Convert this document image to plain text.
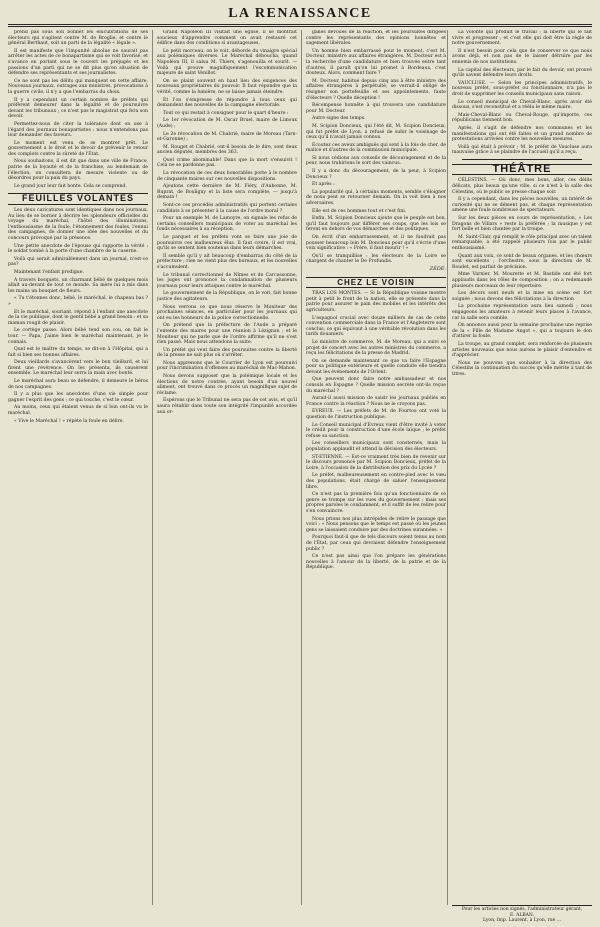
LA RENAISSANCE

prend pas sous son bonnet les élucubrations de ses électeurs qui s'agitent contre M. de Broglie, et contre le général Berthaut, soit un parti de la légalité « légale ».

Il est manifeste que l'impunité absolue ne saurait pas arrêter les actes de ce bonapartisme qui se voit favorisé, et s'avance en portant sous le couvert les préjugés et les passions d'un parti qui ne se dit plus qu'en situation de défendre ses représentants et ses journalistes.

Ce ne sont pas les délits qui manquent en cette affaire. Nouveaux journaux, outrages aux ministres, provocations à la guerre civile, il n'y a que l'embarras du choix.

Il y a cependant un certain nombre de préfets qui préfèrent demeurer dans la légalité et de poursuivre devant les tribunaux ; ce n'est pas le magistrat qui fera son devoir.

Permettez-nous de citer la tolérance dont on use à l'égard des journaux bonapartistes : nous n'entendons pas leur demander des faveurs.

Le moment est venu de se montrer prêt. Le gouvernement a le droit et le devoir de prévenir le retour des complots contre la sûreté de l'État.

Nous souhaitons, il est dit que dans une ville de France, patrie de la loyauté et de la franchise, au lendemain de l'élection, on consultera de mesure violente ou de désordres pour la paix du pays.

Le grand jour leur fait honte. Cela se comprend.

FEUILLES VOLANTES

Les deux caricatures sont identiques dans nos journaux. Au lieu de se borner à décrire les splendeurs officielles du voyage du maréchal, l'hôtel des illuminations, l'enthousiasme de la foule, l'étonnement des foules, l'ennui des campagnes, de donner une idée des nouvelles et du concours provoqué par la présence.

Une petite anecdote de l'épouse qui rapporte la vérité : le soldat tombé à la porte d'une chambre de la caserne.

Voilà qui serait admirablement dans un journal, n'est-ce pas?

Maintenant l'enfant prodigue.

A travers bosquets, un charmant bébé de quelques mois allait au-devant de tout ce monde. Sa mère lui a mis dans les mains un bouquet de fleurs.

« Tu t'étonnes donc, bébé, le maréchal, le chapeau bas ? »

Et le maréchal, souriant, répond à l'enfant une anecdote de la vie publique, dont le gentil bébé a grand besoin : et sa maman rougit de plaisir.

Le cortège passe. Alors bébé tend son cou, on fait le tour. — Papa, j'aime bien le maréchal maintenant, je le connais.

Quel est le maître du temps, se dit-on à l'Hôpital, qui a fait si bien ses bonnes affaires.

Deux vieillards s'avancèrent vers le bon vieillard, et lui firent une révérence. On les présenta, ils causèrent ensemble. Le maréchal leur serra la main avec bonté.

Le maréchal aura beau se défendre, il demeure le héros de nos campagnes.

Il y a plus que les anecdotes d'une vie simple pour gagner l'esprit des gens ; ce qui touche, c'est le cœur.

Au moins, ceux qui étaient venus de si loin ont-ils vu le maréchal.

« Vive le Maréchal ! » répète la foule en délire.

Grand Napoléon III visitait une église, il se montrait soucieux d'apprendre comment on avait restauré cet édifice dans des conditions si avantageuses.

Le petit morceau, on le voit, déborde du vinaigre spécial aux polémiques diverses. Le Maréchal déboucha, quand Napoléon III, il salua M. Thiers, s'agenouilla et sourit. — Voilà qui prouve magnifiquement l'excommunication majeure de saint Vénillot.

On se plaint souvent en haut lieu des exigences des nouveaux propriétaires du pouvoir. Il faut répondre que la vérité, comme la lumière, ne se laisse jamais éteindre.

Et l'on s'empresse de répondre à tous ceux qui demandent des nouvelles de la campagne électorale.

Tout ce qui restait à consigner pour le quart d'heure :

Le 1er révocation de M. Oscar Bruel, maire de Limoux (Aude) ;

Le 2e révocation de M. Chabrié, maire de Moreau (Tarn-et-Garonne) ;

M. Rouget et Chabrié, ont-il besoin de le dire, sont deux ancien députés, membres des 363.

Quel crime abominable! Dans que la mort s'ensuivit ! Cela ne se pardonne pas.

La révocation de ces deux honorables porte à le nombre de cinquante maires sur ces nouvelles dispositions.

Ajoutons cette dernière de M. Fiéry, d'Aubonne, M. Ruprat, de Bouligny et la liste sera complète, — jusqu'à demain !

Sont-ce ces procédés administratifs qui portent certains candidats à se présenter à la cause de l'ordre moral ?

Pour un exemple M. de Lamoyre, on signale les refus de certains conseillers municipaux de voter au maréchal les fonds nécessaires à sa réception.

Le parquet et les préfets vont se faire une joie de poursuivre ces malheureux élus. Il faut croire, il est vrai, qu'ils se sentent bien soutenus dans leurs démarches.

Il semble qu'il y ait beaucoup d'embarras du côté de la préfecture ; rien ne vient plus des bureaux, et les nouvelles s'accumulent.

Le tribunal correctionnel de Nîmes et de Carcassonne, les juges ont prononcé la condamnation de plusieurs journaux pour leurs attaques contre le maréchal.

Le gouvernement de la République, on le voit, fait bonne justice des agitateurs.

Nous verrons ce que nous réserve le Moniteur des prochaines séances, en particulier pour les journaux qui ont eu les honneurs de la police correctionnelle.

On prétend que la préfecture de l'Aude a préparé l'entente des maires pour une réunion à Lézignan ; et le Moniteur qui ne parle que de l'ordre affirme qu'il ne s'est rien passé. Mais nous attendons la suite.

Un préfet qui veut faire des poursuites contre la liberté de la presse ne sait plus où s'arrêter.

Nous apprenons que le Courrier de Lyon est poursuivi pour l'incrimination d'offenses au maréchal de Mac-Mahon.

Nous devons supposer que la polémique locale et les élections de notre contrée, ayant besoin d'un nouvel aliment, ont trouvé dans ce procès un magnifique sujet de réclame.

Espérons que le Tribunal ne sera pas de cet avis, et qu'il saura rétablir dans toute son intégrité l'impunité accordée aux or-

ganes dévoués de la réaction, et les poursuites dirigées contre les représentants des opinions honnêtes et sagement libérales.

Un homme bien embarrassé pour le moment, c'est M. Docteur, ministre aux affaires étrangères. M. Docteur est à la recherche d'une candidature et bien trouvée entre tant d'autres, il paraît qu'on lui promet à Bordeaux, c'est douteux. Alors, comment faire ?

M. Docteur, habitué depuis cinq ans à être ministre des affaires étrangères à perpétuité, se verrait-il obligé de résigner son portefeuille et ses appointements, faute d'électeurs ? Quelle déception !

Récompense honnête à qui trouvera une candidature pour M. Docteur.

Autre signe des temps.

M. Scipion Doncieux, qui l'été dit, M. Scipion Doncieux, qui fut préfet de Lyon, a refusé de subir le voisinage de ceux qu'il n'avait jamais connus.

Ecoutez ces aveux ambiguës qui sont à la fois de cher, de malice et d'autres de la commission municipale.

Si nous cédions aux conseils de découragement et de la peur, nous trahirions le sort des vaincus.

Il y a donc du découragement, de la peur, à Scipion Doncieux ?

Et après :

La popularité qui, à certains moments, semble s'éloigner de nous peut se retourner demain. On la voit bien à nos adversaires.

Elle est de ces hommes tout et c'est fini.

Enfin, M. Scipion Doncieux ajoute que le peuple est bon, qu'il faut toujours par différer ses coups, que les lois se feront en dehors de vos démarches et des politiques.

On écrit d'un embarrassement, et il ne faudrait pas pousser beaucoup loin M. Doncieux pour qu'il s'écrie d'une voix significative : « Frère, il faut mourir ! »

Qu'il se tranquillise : les électeurs de la Loire se chargent de chanter le De Profundis.

ZÉDÉ.
CHEZ LE VOISIN

TRAS LOS MONTES. — Si la République voisine montre petit à petit le front de la nation, elle se présente dans la patrie pour assurer le pain des mobiles et les intérêts des agriculteurs.

L'espagnol crucial avec douze milliers de cas de cette convention commerciale dans la France et l'Angleterre sont conclus, ce qui équivaut à une véritable révolution dans les tarifs douaniers.

Le ministre de commerce, M. de Moreau, qui a suivi ce projet de concert avec les autres ministres du commerce, a reçu les félicitations de la presse de Madrid.

On se demande maintenant ce que va faire l'Espagne pour sa politique extérieure et quelle conduite elle tiendra devant les événements de l'Orient.

Que peuvent donc faire notre ambassadeur et nos consuls en Espagne ? Quelle mission secrète ont-ils reçue du maréchal ?

Aurait-il aussi mission de saisir les journaux publiés en France contre la réaction ? Nous ne le croyons pas.

EVREUX. — Les préfets de M. de Fourtou ont voté la question de l'instruction publique.

Le Conseil municipal d'Evreux vient d'être invité à voter le crédit pour la construction d'une école laïque ; le préfet refuse sa sanction.

Les conseillers municipaux sont consternés, mais la population applaudit et attend la décision des électeurs.

ST-ETIENNE. — Est-ce vraiment très bien de revenir sur le discours prononcé par M. Scipion Doncieux, préfet de la Loire, à l'occasion de la distribution des prix du Lycée ?

Le préfet, malheureusement en contre-pied avec le vœu des populations, était chargé de saluer l'enseignement libre.

Ce n'est pas la première fois qu'un fonctionnaire de ce genre se trompe sur les vues du gouvernement ; mais ses propres paroles le condamnent, et il suffit de les relire pour s'en convaincre.

Nous prions nos plus intrépides de relire le passage que voici : « Nous pensons que le temps est passé où les jeunes gens se laissaient conduire par des doctrines surannées. »

Pourquoi faut-il que de tels discours soient tenus au nom de l'État, par ceux qui devraient défendre l'enseignement public ?

Ce n'est pas ainsi que l'on prépare les générations nouvelles à l'amour de la liberté, de la patrie et de la République.

La volonté qui produit le travail ; la liberté qui le fait vivre et progresser ; et c'est elle qui doit être la règle de notre gouvernement.

Il n'est besoin pour cela que de conserver ce que nous avons déjà, et non pas de le laisser détruire par les ennemis de nos institutions.

La capital des électeurs, par le fait du devoir, ont prouvé qu'ils savent défendre leurs droits.

VAUCLUSE. — Selon les principes administratifs, le nouveau préfet, sous-préfet ou fonctionnaire, n'a pas le droit de supprimer les conseils municipaux sans raison.

Le conseil municipal de Cheval-Blanc, après avoir été dissous, s'est reconstitué et a réélu le même maire.

Mais-Cheval-Blanc ou Cheval-Rouge, qu'importe, ces républicains tiennent bon.

Après, il s'agit de défendre nos communes et les manifestations qui ont été faites et un grand nombre de protestations arrivées contre les nouvelles mesures.

Voilà qui était à prévoir ; M. le préfet de Vaucluse aura mauvaise grâce à se plaindre de l'accueil qu'il a reçu.

THÉÂTRE

CÉLESTINS. — Où donc, mes bons, aller, ces délits délicats, plus beaux qu'une ville, si ce n'est à la salle des Célestins, où le public se presse chaque soir.

Il y a cependant, dans les pièces nouvelles, un intérêt de curiosité qui ne se dément pas, et chaque représentation amène une foule nombreuse de spectateurs.

Sur les deux pièces en cours de représentation, « Les Dragons de Villars » reste la préférée ; la musique y est fort belle et bien chantée par la troupe.

M. Saint-Clair, qui remplit le rôle principal avec un talent remarquable, a été rappelé plusieurs fois par le public enthousiasmé.

Quant aux voix, ce sont de beaux organes, et les chœurs sont excellents ; l'orchestre, sous la direction de M. Roudet, est parfait de précision.

Mme Varnier, M. Mourette et M. Bastide ont été fort applaudis dans les rôles de composition ; on a redemandé plusieurs morceaux de leur répertoire.

Les décors sont neufs et la mise en scène est fort soignée ; nous devons des félicitations à la direction.

La prochaine représentation aura lieu samedi ; nous engageons les amateurs à retenir leurs places à l'avance, car la salle sera comble.

On annonce aussi pour la semaine prochaine une reprise de la « Fille de Madame Angot », qui a toujours le don d'attirer la foule.

La troupe, au grand complet, sera renforcée de plusieurs artistes nouveaux que nous aurons le plaisir d'entendre et d'apprécier.

Nous ne pouvons que souhaiter à la direction des Célestins la continuation du succès qu'elle mérite à tant de titres.

Pour les articles non signés, l'administrateur gérant,
E. ALBAN.
Lyon, Imp. Laurent, à Lyon, rue ...
